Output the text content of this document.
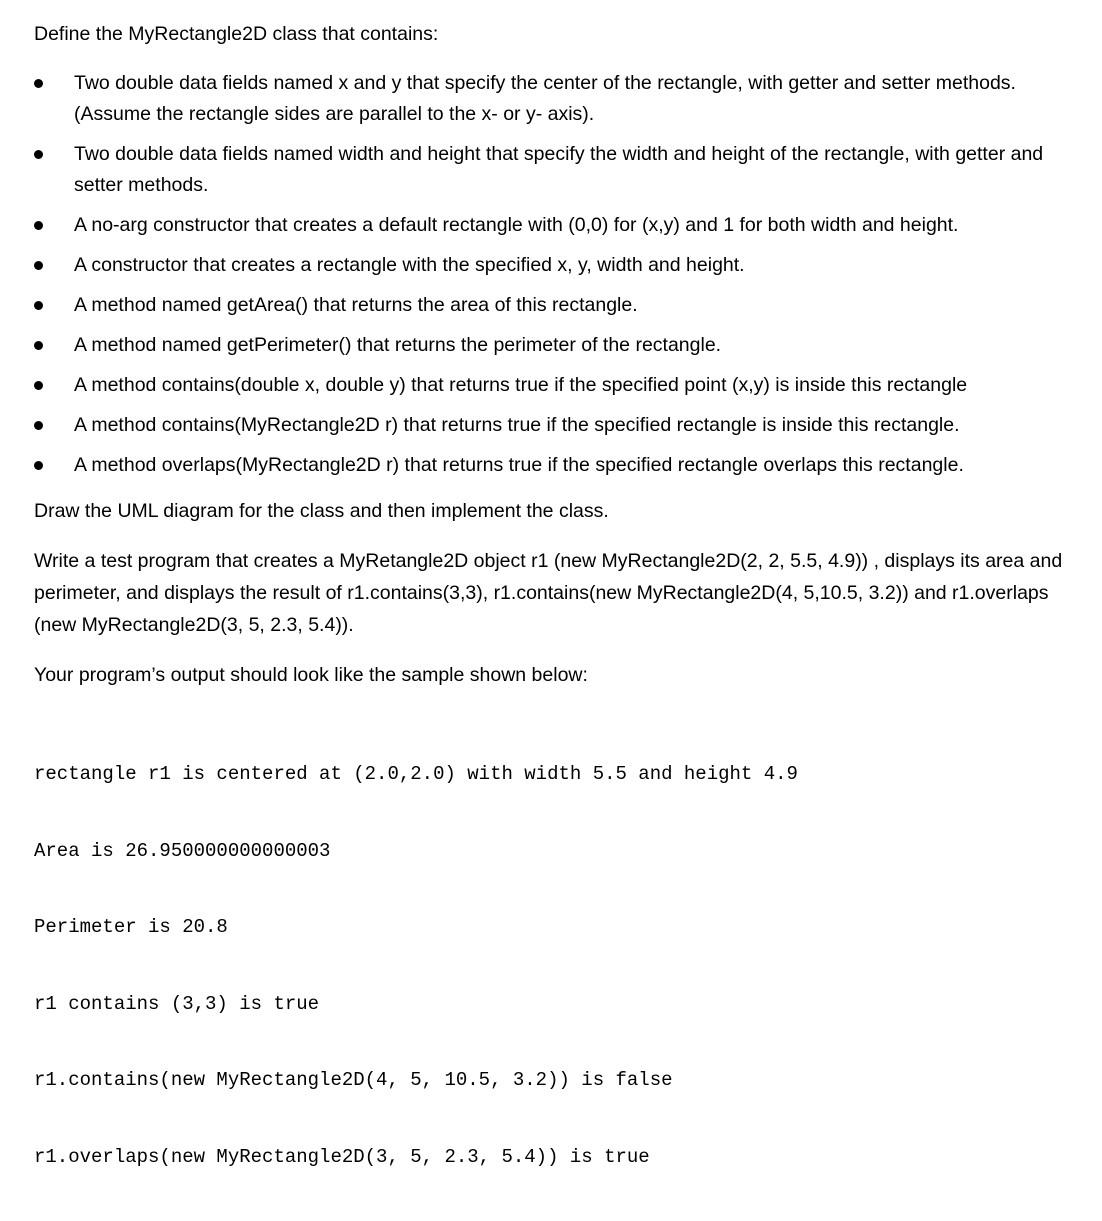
Define the MyRectangle2D class that contains:

Two double data fields named x and y that specify the center of the rectangle, with getter and setter methods. (Assume the rectangle sides are parallel to the x- or y- axis).
Two double data fields named width and height that specify the width and height of the rectangle, with getter and setter methods.
A no-arg constructor that creates a default rectangle with (0,0) for (x,y) and 1 for both width and height.
A constructor that creates a rectangle with the specified x, y, width and height.
A method named getArea() that returns the area of this rectangle.
A method named getPerimeter() that returns the perimeter of the rectangle.
A method contains(double x, double y) that returns true if the specified point (x,y) is inside this rectangle
A method contains(MyRectangle2D r) that returns true if the specified rectangle is inside this rectangle.
A method overlaps(MyRectangle2D r) that returns true if the specified rectangle overlaps this rectangle.

Draw the UML diagram for the class and then implement the class.

Write a test program that creates a MyRetangle2D object r1 (new MyRectangle2D(2, 2, 5.5, 4.9)) , displays its area and perimeter, and displays the result of r1.contains(3,3), r1.contains(new MyRectangle2D(4, 5,10.5, 3.2)) and r1.overlaps (new MyRectangle2D(3, 5, 2.3, 5.4)).

Your program’s output should look like the sample shown below:

rectangle r1 is centered at (2.0,2.0) with width 5.5 and height 4.9

Area is 26.950000000000003

Perimeter is 20.8

r1 contains (3,3) is true

r1.contains(new MyRectangle2D(4, 5, 10.5, 3.2)) is false

r1.overlaps(new MyRectangle2D(3, 5, 2.3, 5.4)) is true
